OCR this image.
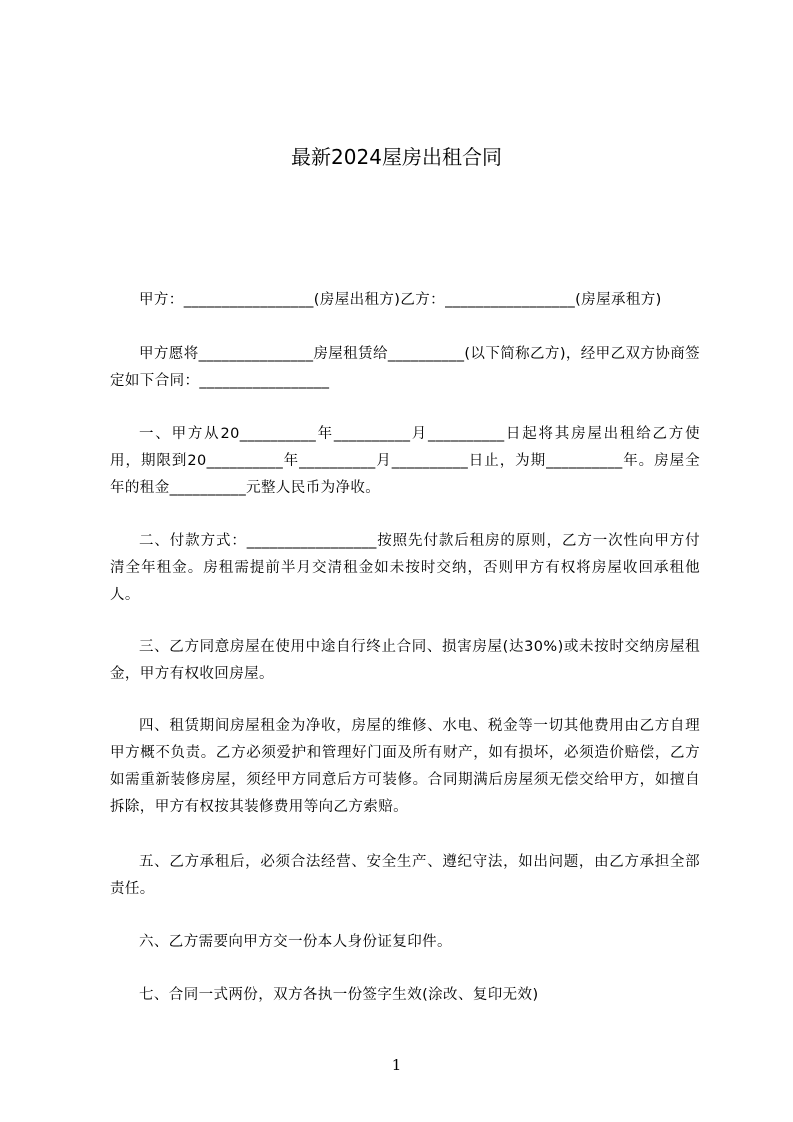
最新2024屋房出租合同

甲方：_________________(房屋出租方)乙方：_________________(房屋承租方)

甲方愿将_______________房屋租赁给__________(以下简称乙方)，经甲乙双方协商签定如下合同：_________________

一、甲方从20__________年__________月__________日起将其房屋出租给乙方使用，期限到20__________年__________月__________日止，为期__________年。房屋全年的租金__________元整人民币为净收。

二、付款方式：_________________按照先付款后租房的原则，乙方一次性向甲方付清全年租金。房租需提前半月交清租金如未按时交纳，否则甲方有权将房屋收回承租他人。

三、乙方同意房屋在使用中途自行终止合同、损害房屋(达30%)或未按时交纳房屋租金，甲方有权收回房屋。

四、租赁期间房屋租金为净收，房屋的维修、水电、税金等一切其他费用由乙方自理甲方概不负责。乙方必须爱护和管理好门面及所有财产，如有损坏，必须造价赔偿，乙方如需重新装修房屋，须经甲方同意后方可装修。合同期满后房屋须无偿交给甲方，如擅自拆除，甲方有权按其装修费用等向乙方索赔。

五、乙方承租后，必须合法经营、安全生产、遵纪守法，如出问题，由乙方承担全部责任。

六、乙方需要向甲方交一份本人身份证复印件。

七、合同一式两份，双方各执一份签字生效(涂改、复印无效)

1
